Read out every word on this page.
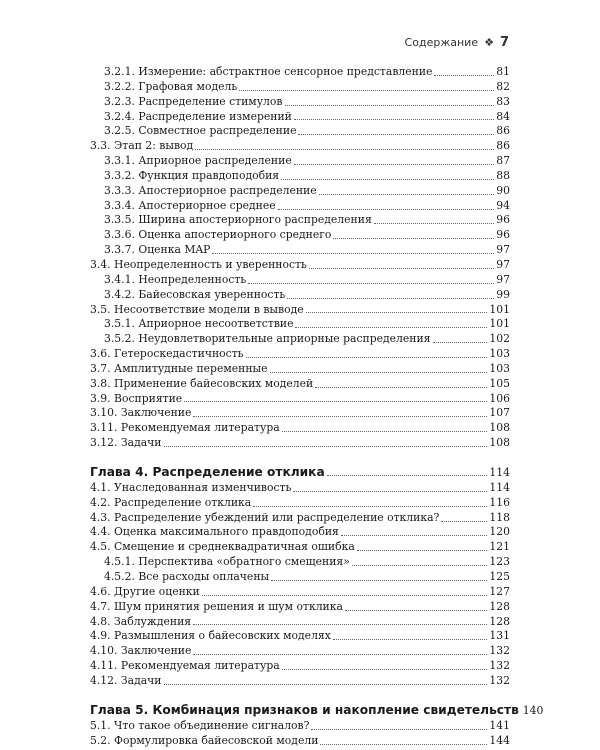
Содержание ❖ 7
3.2.1. Измерение: абстрактное сенсорное представление	81
3.2.2. Графовая модель	82
3.2.3. Распределение стимулов	83
3.2.4. Распределение измерений	84
3.2.5. Совместное распределение	86
3.3. Этап 2: вывод	86
3.3.1. Априорное распределение	87
3.3.2. Функция правдоподобия	88
3.3.3. Апостериорное распределение	90
3.3.4. Апостериорное среднее	94
3.3.5. Ширина апостериорного распределения	96
3.3.6. Оценка апостериорного среднего	96
3.3.7. Оценка MAP	97
3.4. Неопределенность и уверенность	97
3.4.1. Неопределенность	97
3.4.2. Байесовская уверенность	99
3.5. Несоответствие модели в выводе	101
3.5.1. Априорное несоответствие	101
3.5.2. Неудовлетворительные априорные распределения	102
3.6. Гетероскедастичность	103
3.7. Амплитудные переменные	103
3.8. Применение байесовских моделей	105
3.9. Восприятие	106
3.10. Заключение	107
3.11. Рекомендуемая литература	108
3.12. Задачи	108
Глава 4. Распределение отклика	114
4.1. Унаследованная изменчивость	114
4.2. Распределение отклика	116
4.3. Распределение убеждений или распределение отклика?	118
4.4. Оценка максимального правдоподобия	120
4.5. Смещение и среднеквадратичная ошибка	121
4.5.1. Перспектива «обратного смещения»	123
4.5.2. Все расходы оплачены	125
4.6. Другие оценки	127
4.7. Шум принятия решения и шум отклика	128
4.8. Заблуждения	128
4.9. Размышления о байесовских моделях	131
4.10. Заключение	132
4.11. Рекомендуемая литература	132
4.12. Задачи	132
Глава 5. Комбинация признаков и накопление свидетельств 140
5.1. Что такое объединение сигналов?	141
5.2. Формулировка байесовской модели	144
